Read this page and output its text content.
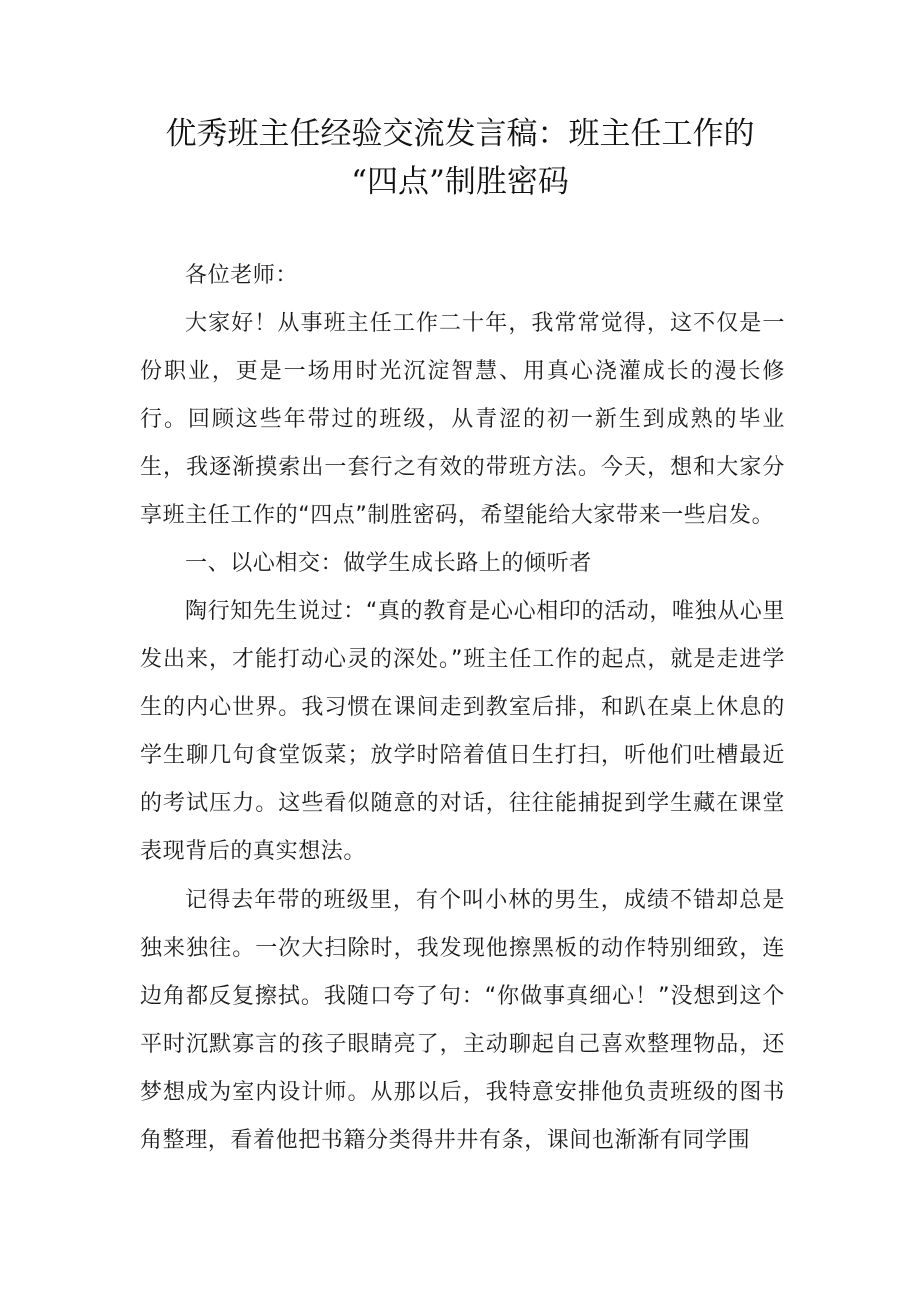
优秀班主任经验交流发言稿：班主任工作的
“四点”制胜密码

各位老师：

大家好！从事班主任工作二十年，我常常觉得，这不仅是一份职业，更是一场用时光沉淀智慧、用真心浇灌成长的漫长修行。回顾这些年带过的班级，从青涩的初一新生到成熟的毕业生，我逐渐摸索出一套行之有效的带班方法。今天，想和大家分享班主任工作的“四点”制胜密码，希望能给大家带来一些启发。

一、以心相交：做学生成长路上的倾听者

陶行知先生说过：“真的教育是心心相印的活动，唯独从心里发出来，才能打动心灵的深处。”班主任工作的起点，就是走进学生的内心世界。我习惯在课间走到教室后排，和趴在桌上休息的学生聊几句食堂饭菜；放学时陪着值日生打扫，听他们吐槽最近的考试压力。这些看似随意的对话，往往能捕捉到学生藏在课堂表现背后的真实想法。

记得去年带的班级里，有个叫小林的男生，成绩不错却总是独来独往。一次大扫除时，我发现他擦黑板的动作特别细致，连边角都反复擦拭。我随口夸了句：“你做事真细心！”没想到这个平时沉默寡言的孩子眼睛亮了，主动聊起自己喜欢整理物品，还梦想成为室内设计师。从那以后，我特意安排他负责班级的图书角整理，看着他把书籍分类得井井有条，课间也渐渐有同学围
